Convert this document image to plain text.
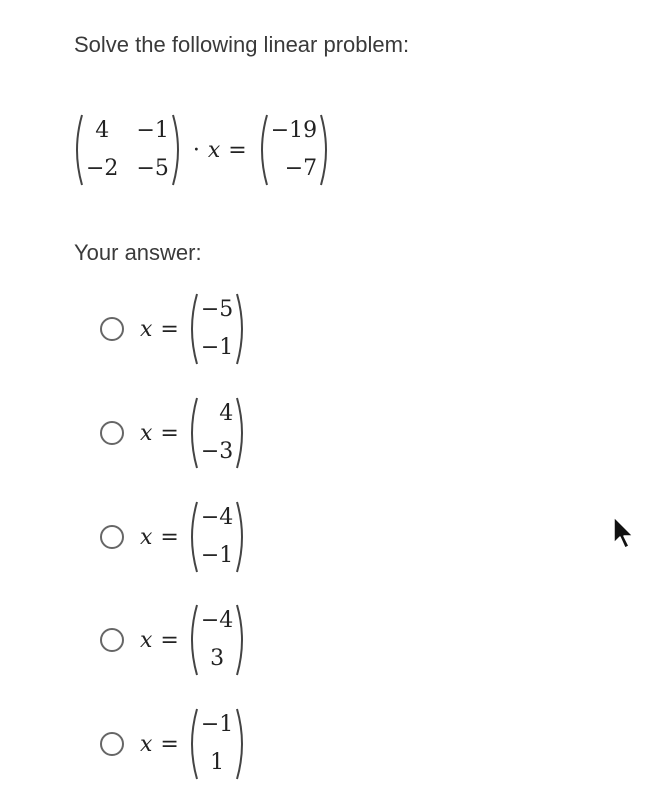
Solve the following linear problem:
4	−1
−2 −5
· x =
−19
−7
Your answer:
x =
−5
−1
x =
4
−3
x =
−4
−1
x =
−4
3
x =
−1
1
